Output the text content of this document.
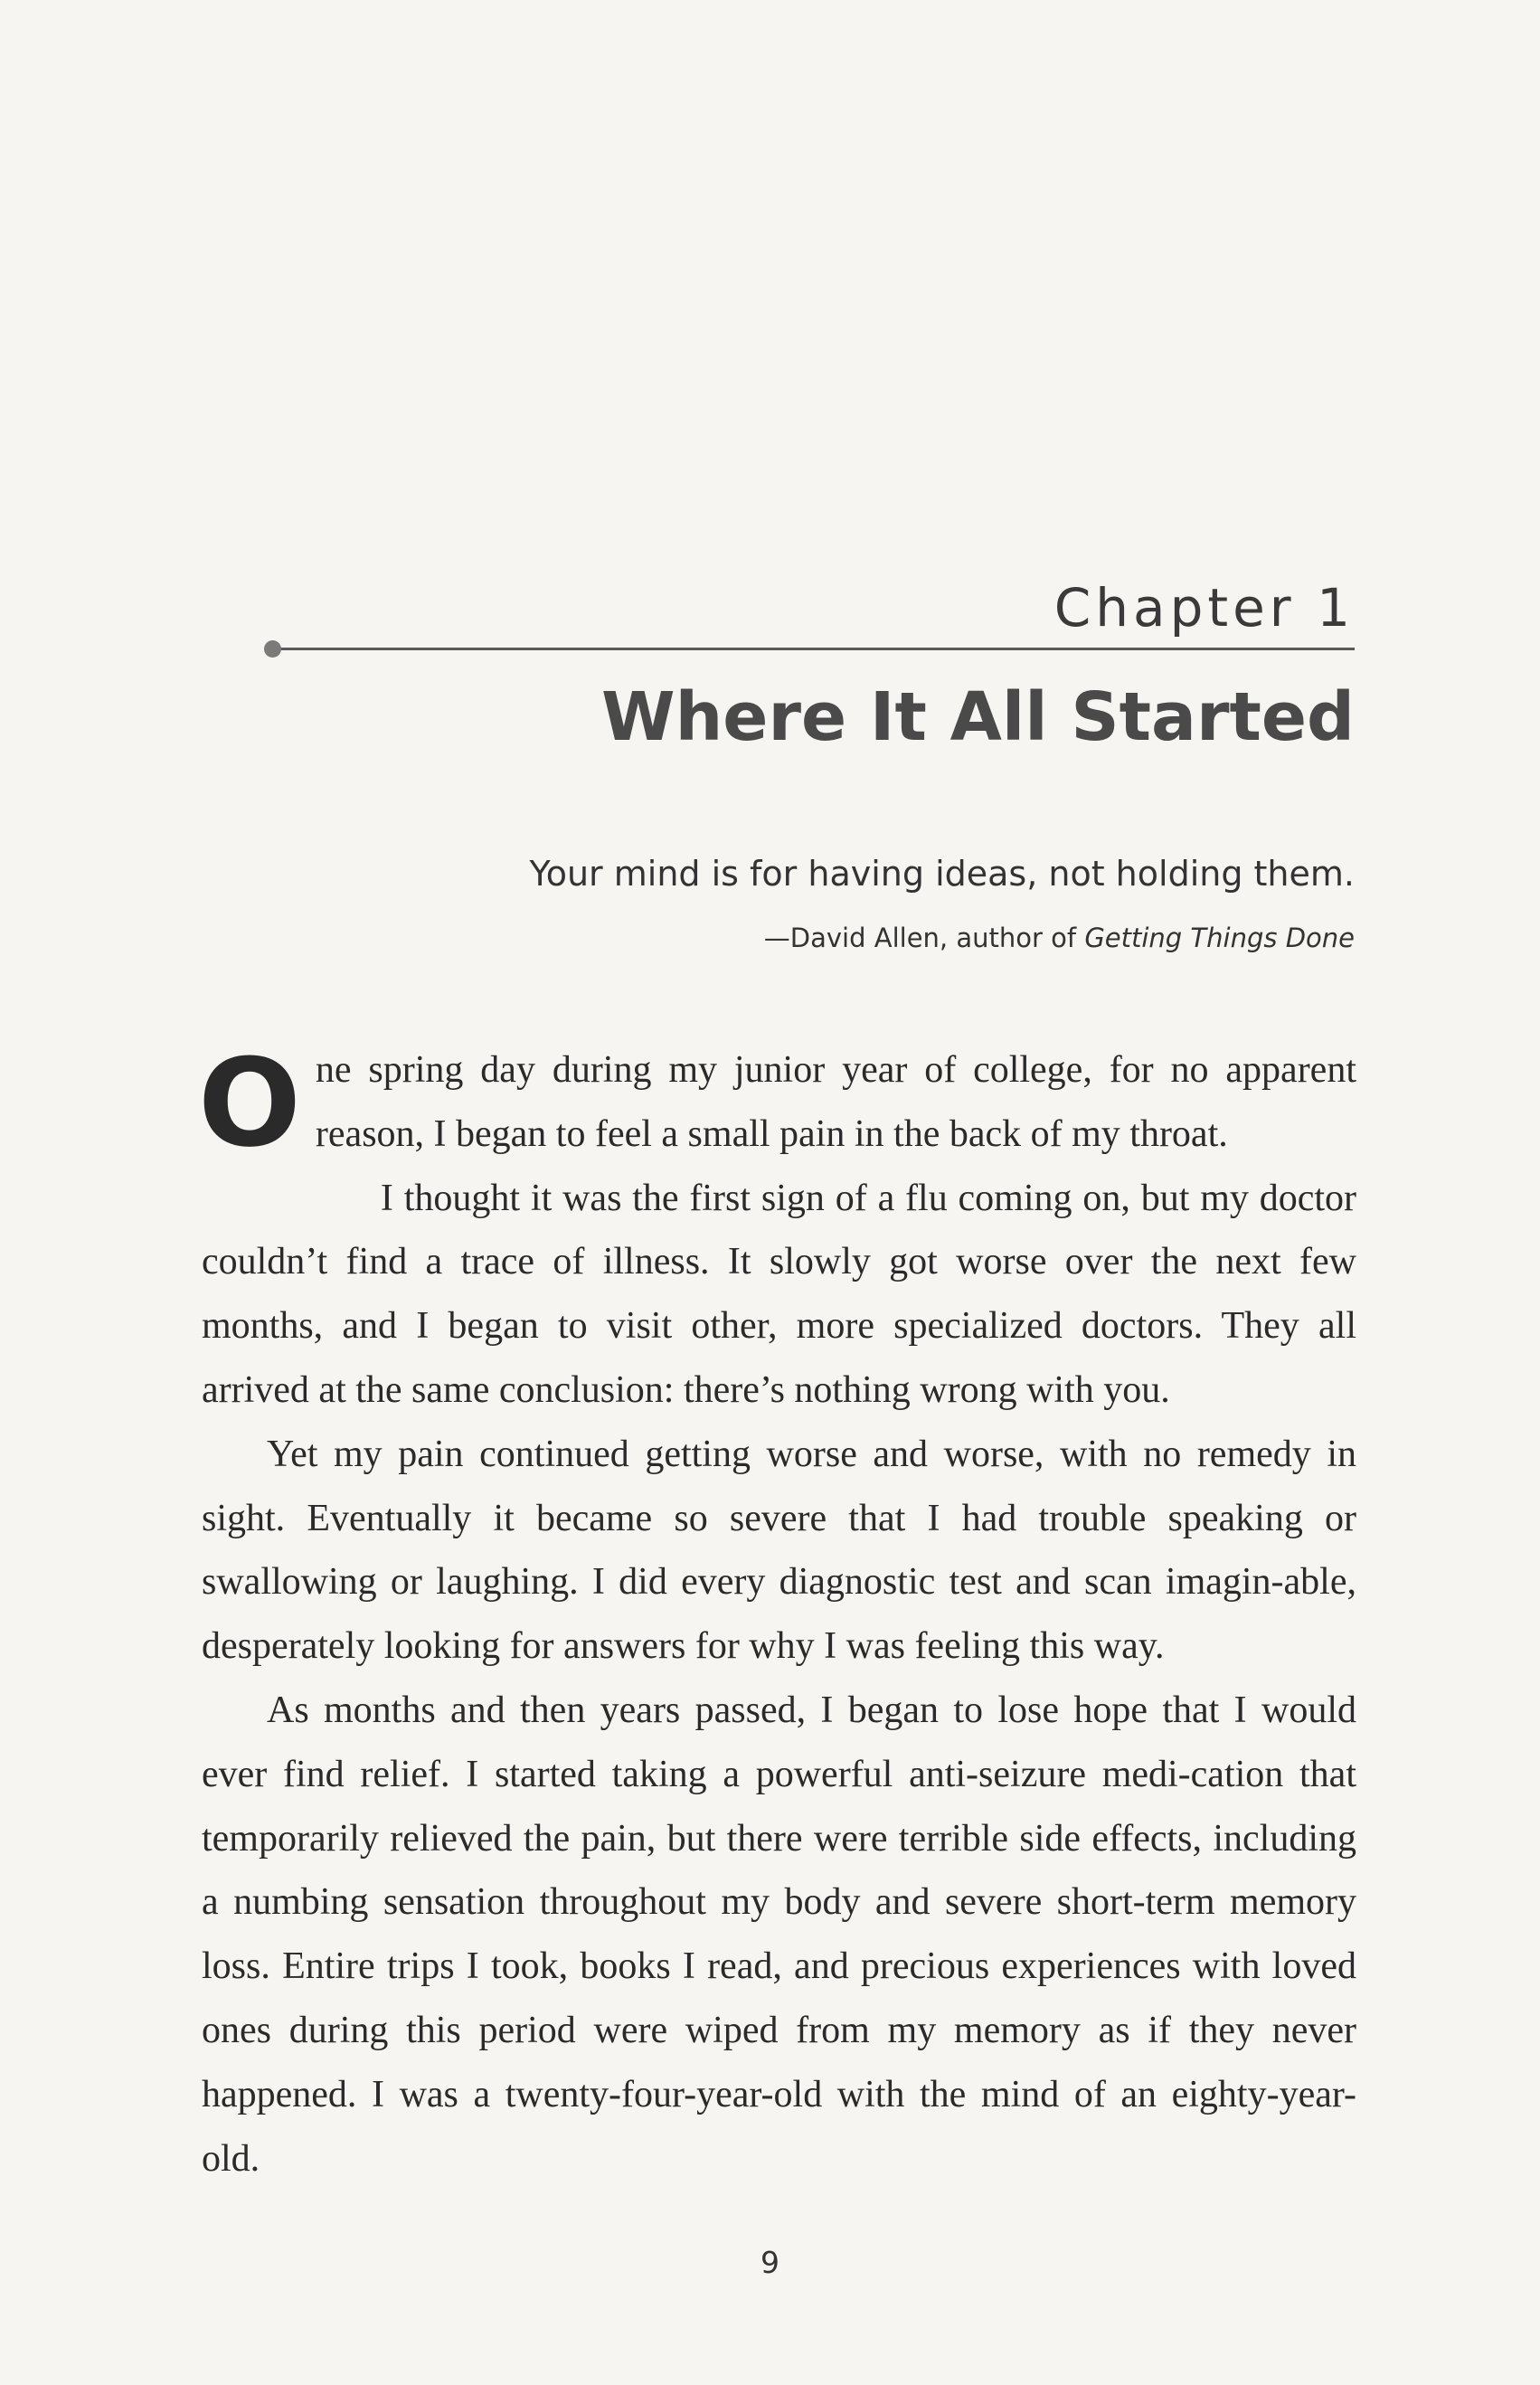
Chapter 1
Where It All Started
Your mind is for having ideas, not holding them.
—David Allen, author of Getting Things Done

One spring day during my junior year of college, for no apparent reason, I began to feel a small pain in the back of my throat.

I thought it was the first sign of a flu coming on, but my doctor couldn’t find a trace of illness. It slowly got worse over the next few months, and I began to visit other, more specialized doctors. They all arrived at the same conclusion: there’s nothing wrong with you.

Yet my pain continued getting worse and worse, with no remedy in sight. Eventually it became so severe that I had trouble speaking or swallowing or laughing. I did every diagnostic test and scan imagin-able, desperately looking for answers for why I was feeling this way.

As months and then years passed, I began to lose hope that I would ever find relief. I started taking a powerful anti-seizure medi-cation that temporarily relieved the pain, but there were terrible side effects, including a numbing sensation throughout my body and severe short-term memory loss. Entire trips I took, books I read, and precious experiences with loved ones during this period were wiped from my memory as if they never happened. I was a twenty-four-year-old with the mind of an eighty-year-old.

9
